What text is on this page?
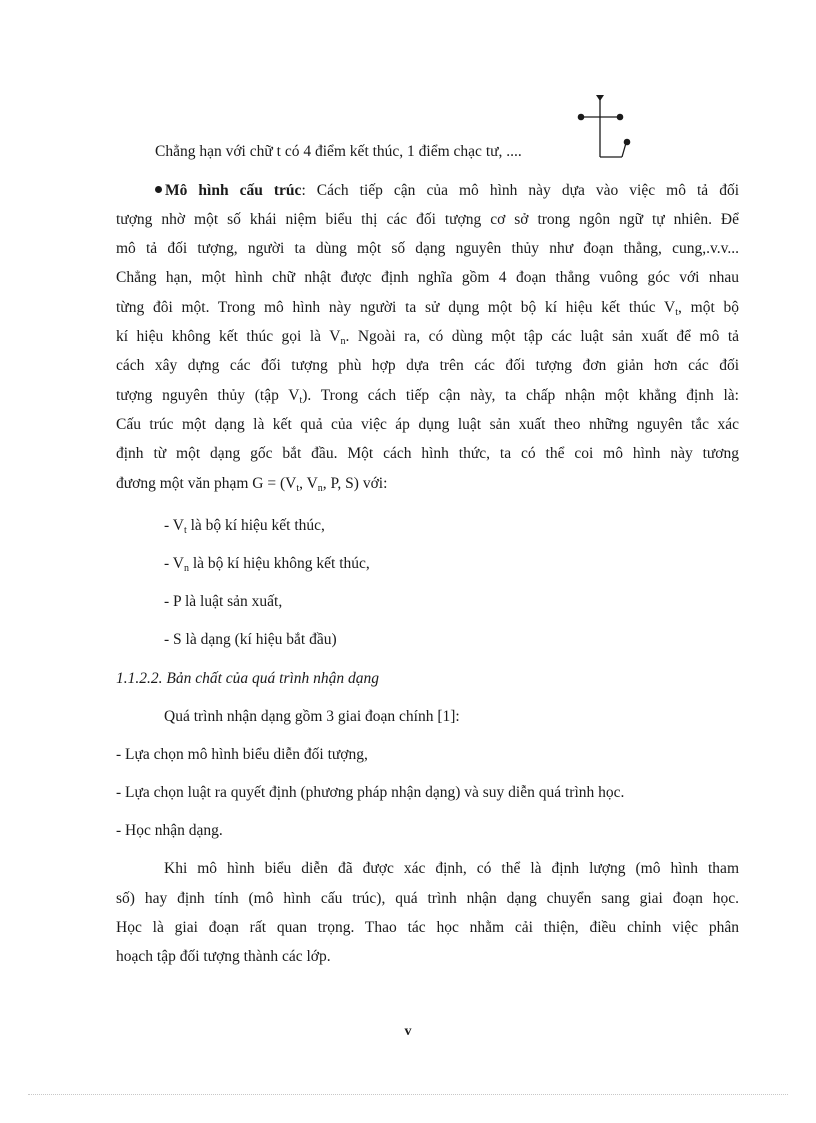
Chẳng hạn với chữ t có 4 điểm kết thúc, 1 điểm chạc tư, ....
Mô hình cấu trúc: Cách tiếp cận của mô hình này dựa vào việc mô tả đối
tượng nhờ một số khái niệm biểu thị các đối tượng cơ sở trong ngôn ngữ tự nhiên. Để
mô tả đối tượng, người ta dùng một số dạng nguyên thủy như đoạn thẳng, cung,.v.v...
Chẳng hạn, một hình chữ nhật được định nghĩa gồm 4 đoạn thẳng vuông góc với nhau
từng đôi một. Trong mô hình này người ta sử dụng một bộ kí hiệu kết thúc $V_t$, một bộ
kí hiệu không kết thúc gọi là $V_n$. Ngoài ra, có dùng một tập các luật sản xuất để mô tả
cách xây dựng các đối tượng phù hợp dựa trên các đối tượng đơn giản hơn các đối
tượng nguyên thủy (tập $V_t$). Trong cách tiếp cận này, ta chấp nhận một khẳng định là:
Cấu trúc một dạng là kết quả của việc áp dụng luật sản xuất theo những nguyên tắc xác
định từ một dạng gốc bắt đầu. Một cách hình thức, ta có thể coi mô hình này tương
đương một văn phạm $G = (V_t$, $V_n$, P, S) với:
- $V_t$ là bộ kí hiệu kết thúc,
- $V_n$ là bộ kí hiệu không kết thúc,
- P là luật sản xuất,
- S là dạng (kí hiệu bắt đầu)
1.1.2.2. Bản chất của quá trình nhận dạng
Quá trình nhận dạng gồm 3 giai đoạn chính [1]:
- Lựa chọn mô hình biểu diễn đối tượng,
- Lựa chọn luật ra quyết định (phương pháp nhận dạng) và suy diễn quá trình học.
- Học nhận dạng.
Khi mô hình biểu diễn đã được xác định, có thể là định lượng (mô hình tham
số) hay định tính (mô hình cấu trúc), quá trình nhận dạng chuyển sang giai đoạn học.
Học là giai đoạn rất quan trọng. Thao tác học nhằm cải thiện, điều chỉnh việc phân
hoạch tập đối tượng thành các lớp.
v
